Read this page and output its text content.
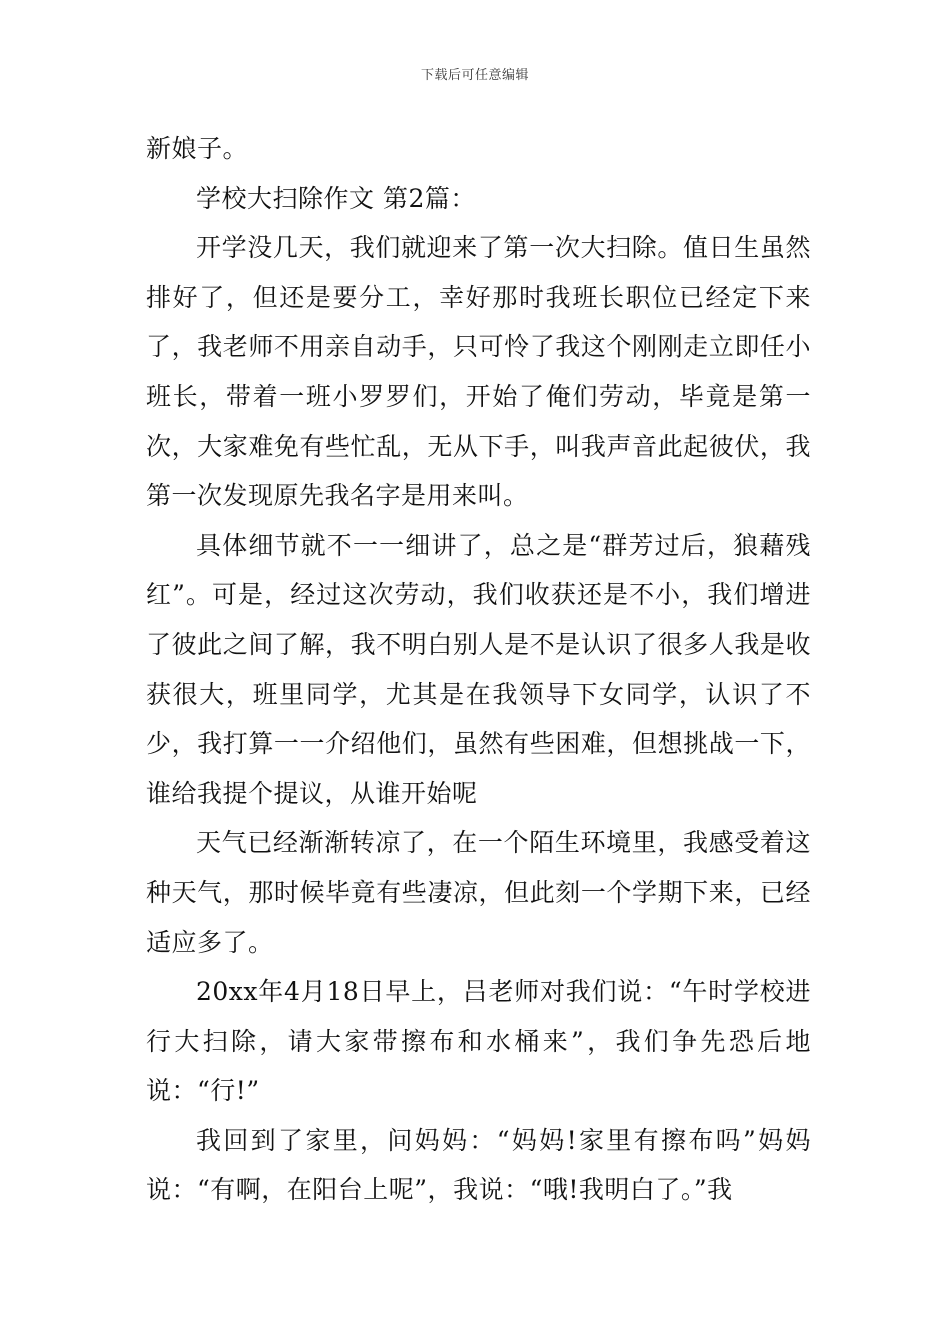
下载后可任意编辑

新娘子。

学校大扫除作文 第2篇：

开学没几天，我们就迎来了第一次大扫除。值日生虽然排好了，但还是要分工，幸好那时我班长职位已经定下来了，我老师不用亲自动手，只可怜了我这个刚刚走立即任小班长，带着一班小罗罗们，开始了俺们劳动，毕竟是第一次，大家难免有些忙乱，无从下手，叫我声音此起彼伏，我第一次发现原先我名字是用来叫。

具体细节就不一一细讲了，总之是“群芳过后，狼藉残红”。可是，经过这次劳动，我们收获还是不小，我们增进了彼此之间了解，我不明白别人是不是认识了很多人我是收获很大，班里同学，尤其是在我领导下女同学，认识了不少，我打算一一介绍他们，虽然有些困难，但想挑战一下，谁给我提个提议，从谁开始呢

天气已经渐渐转凉了，在一个陌生环境里，我感受着这种天气，那时候毕竟有些凄凉，但此刻一个学期下来，已经适应多了。

20xx年4月18日早上，吕老师对我们说：“午时学校进行大扫除，请大家带擦布和水桶来”，我们争先恐后地说：“行!”

我回到了家里，问妈妈：“妈妈!家里有擦布吗”妈妈说：“有啊，在阳台上呢”，我说：“哦!我明白了。”我
